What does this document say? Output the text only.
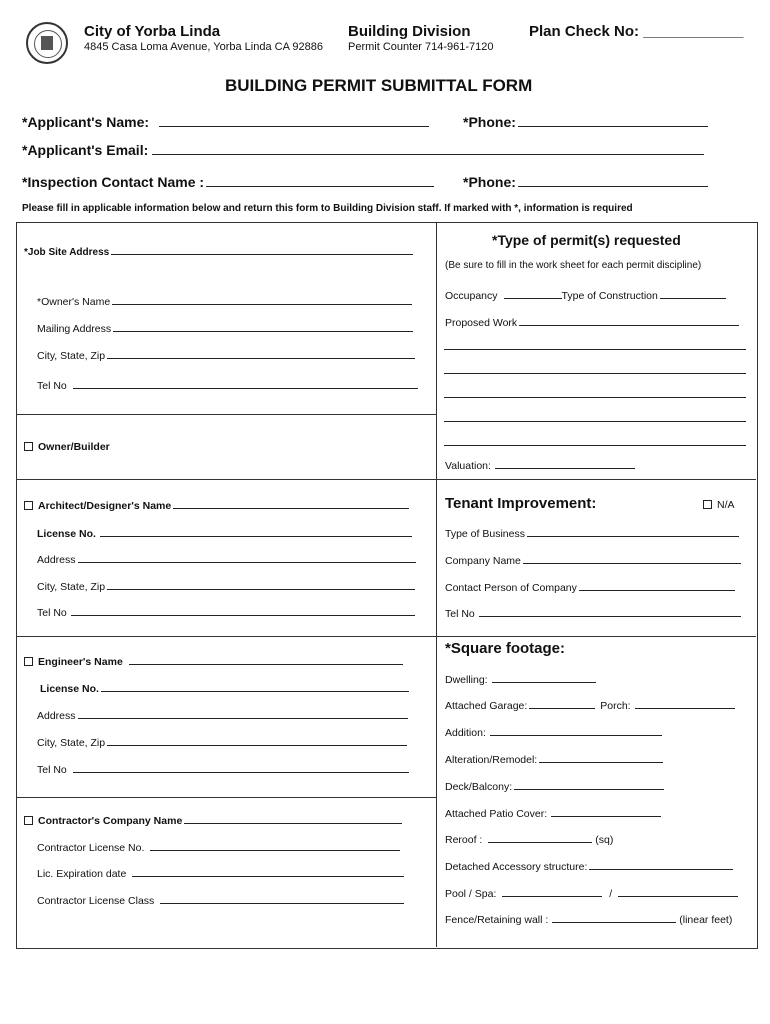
City of Yorba Linda
4845 Casa Loma Avenue, Yorba Linda CA 92886
Building Division
Permit Counter 714-961-7120
Plan Check No: ____________
BUILDING PERMIT SUBMITTAL FORM
*Applicant's Name:	*Phone:
*Applicant's Email:
*Inspection Contact Name :	*Phone:
Please fill in applicable information below and return this form to Building Division staff. If marked with *, information is required
*Job Site Address
*Owner's Name
Mailing Address
City, State, Zip
Tel No
Owner/Builder
Architect/Designer's Name
License No.
Address
City, State, Zip
Tel No
Engineer's Name
License No.
Address
City, State, Zip
Tel No
Contractor's Company Name
Contractor License No.
Lic. Expiration date
Contractor License Class
*Type of permit(s) requested
(Be sure to fill in the work sheet for each permit discipline)
Occupancy	Type of Construction
Proposed Work
Valuation:
Tenant Improvement:	N/A
Type of Business
Company Name
Contact Person of Company
Tel No
*Square footage:
Dwelling:
Attached Garage:	Porch:
Addition:
Alteration/Remodel:
Deck/Balcony:
Attached Patio Cover:
Reroof :	(sq)
Detached Accessory structure:
Pool / Spa:	/
Fence/Retaining wall :	(linear feet)
